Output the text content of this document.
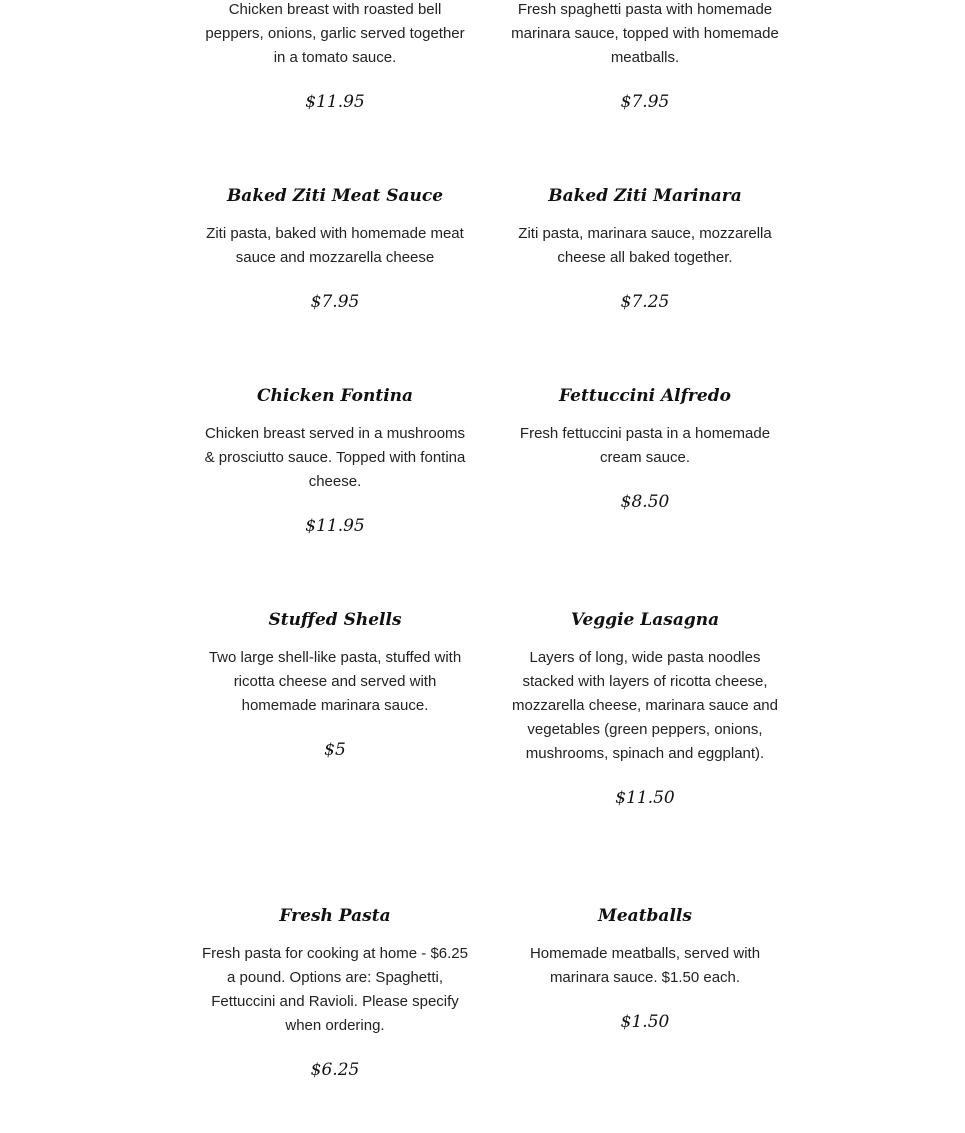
Chicken breast with roasted bell peppers, onions, garlic served together in a tomato sauce.

$11.95

Fresh spaghetti pasta with homemade marinara sauce, topped with homemade meatballs.

$7.95

Baked Ziti Meat Sauce

Ziti pasta, baked with homemade meat sauce and mozzarella cheese

$7.95

Baked Ziti Marinara

Ziti pasta, marinara sauce, mozzarella cheese all baked together.

$7.25

Chicken Fontina

Chicken breast served in a mushrooms & prosciutto sauce. Topped with fontina cheese.

$11.95

Fettuccini Alfredo

Fresh fettuccini pasta in a homemade cream sauce.

$8.50

Stuffed Shells

Two large shell-like pasta, stuffed with ricotta cheese and served with homemade marinara sauce.

$5

Veggie Lasagna

Layers of long, wide pasta noodles stacked with layers of ricotta cheese, mozzarella cheese, marinara sauce and vegetables (green peppers, onions, mushrooms, spinach and eggplant).

$11.50

Fresh Pasta

Fresh pasta for cooking at home - $6.25 a pound. Options are: Spaghetti, Fettuccini and Ravioli. Please specify when ordering.

$6.25

Meatballs

Homemade meatballs, served with marinara sauce. $1.50 each.

$1.50
